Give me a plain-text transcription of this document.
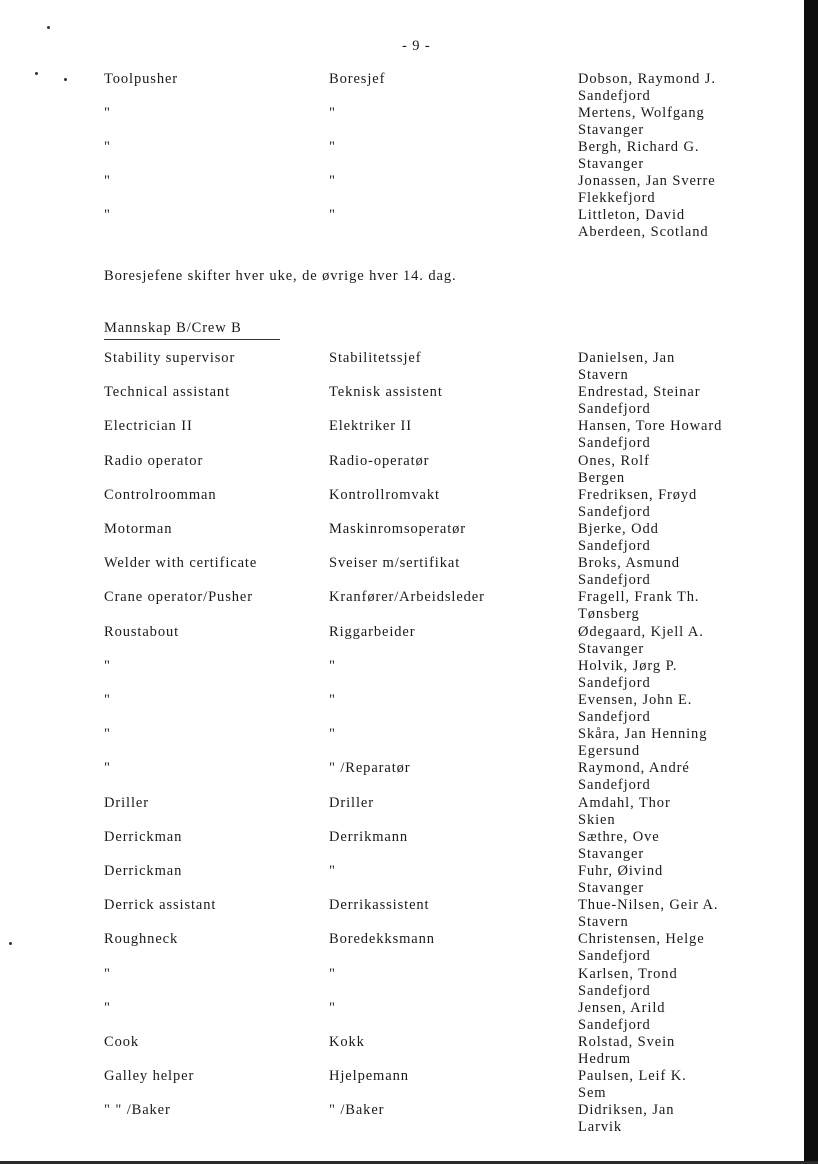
- 9 -
Toolpusher	Boresjef	Dobson, Raymond J.
Sandefjord
"	"	Mertens, Wolfgang
Stavanger
"	"	Bergh, Richard G.
Stavanger
"	"	Jonassen, Jan Sverre
Flekkefjord
"	"	Littleton, David
Aberdeen, Scotland
Boresjefene skifter hver uke, de øvrige hver 14. dag.
Mannskap B/Crew B
Stability supervisor	Stabilitetssjef	Danielsen, Jan
Stavern
Technical assistant	Teknisk assistent	Endrestad, Steinar
Sandefjord
Electrician II	Elektriker II	Hansen, Tore Howard
Sandefjord
Radio operator	Radio-operatør	Ones, Rolf
Bergen
Controlroomman	Kontrollromvakt	Fredriksen, Frøyd
Sandefjord
Motorman	Maskinromsoperatør	Bjerke, Odd
Sandefjord
Welder with certificate	Sveiser m/sertifikat	Broks, Asmund
Sandefjord
Crane operator/Pusher	Kranfører/Arbeidsleder	Fragell, Frank Th.
Tønsberg
Roustabout	Riggarbeider	Ødegaard, Kjell A.
Stavanger
"	"	Holvik, Jørg P.
Sandefjord
"	"	Evensen, John E.
Sandefjord
"	"	Skåra, Jan Henning
Egersund
"	" /Reparatør	Raymond, André
Sandefjord
Driller	Driller	Amdahl, Thor
Skien
Derrickman	Derrikmann	Sæthre, Ove
Stavanger
Derrickman	"	Fuhr, Øivind
Stavanger
Derrick assistant	Derrikassistent	Thue-Nilsen, Geir A.
Stavern
Roughneck	Boredekksmann	Christensen, Helge
Sandefjord
"	"	Karlsen, Trond
Sandefjord
"	"	Jensen, Arild
Sandefjord
Cook	Kokk	Rolstad, Svein
Hedrum
Galley helper	Hjelpemann	Paulsen, Leif K.
Sem
" " /Baker	" /Baker	Didriksen, Jan
Larvik
